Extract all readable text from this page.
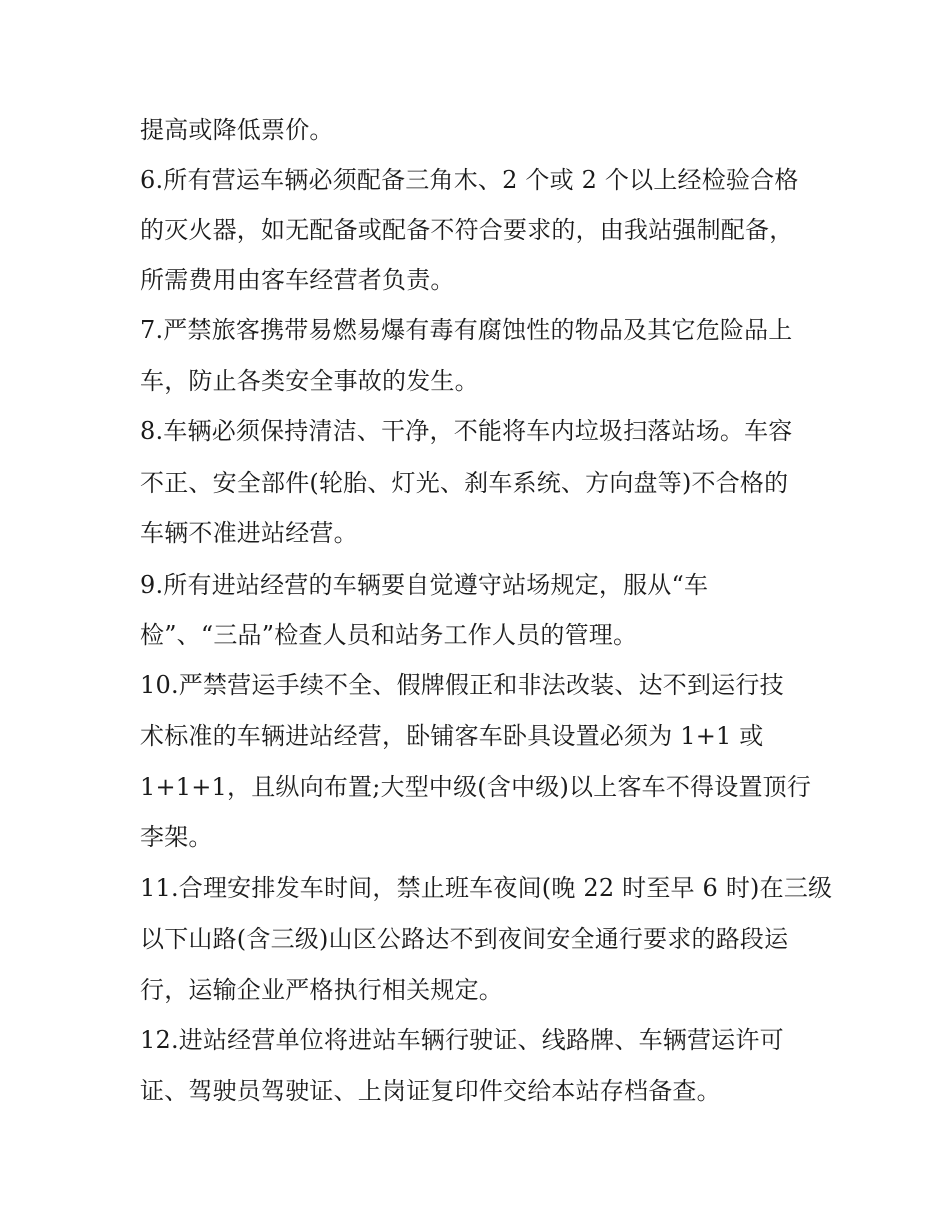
提高或降低票价。

6.所有营运车辆必须配备三角木、2 个或 2 个以上经检验合格

的灭火器，如无配备或配备不符合要求的，由我站强制配备，

所需费用由客车经营者负责。

7.严禁旅客携带易燃易爆有毒有腐蚀性的物品及其它危险品上

车，防止各类安全事故的发生。

8.车辆必须保持清洁、干净，不能将车内垃圾扫落站场。车容

不正、安全部件(轮胎、灯光、刹车系统、方向盘等)不合格的

车辆不准进站经营。

9.所有进站经营的车辆要自觉遵守站场规定，服从“车

检”、“三品”检查人员和站务工作人员的管理。

10.严禁营运手续不全、假牌假正和非法改装、达不到运行技

术标准的车辆进站经营，卧铺客车卧具设置必须为 1+1 或

1+1+1，且纵向布置;大型中级(含中级)以上客车不得设置顶行

李架。

11.合理安排发车时间，禁止班车夜间(晚 22 时至早 6 时)在三级

以下山路(含三级)山区公路达不到夜间安全通行要求的路段运

行，运输企业严格执行相关规定。

12.进站经营单位将进站车辆行驶证、线路牌、车辆营运许可

证、驾驶员驾驶证、上岗证复印件交给本站存档备查。
